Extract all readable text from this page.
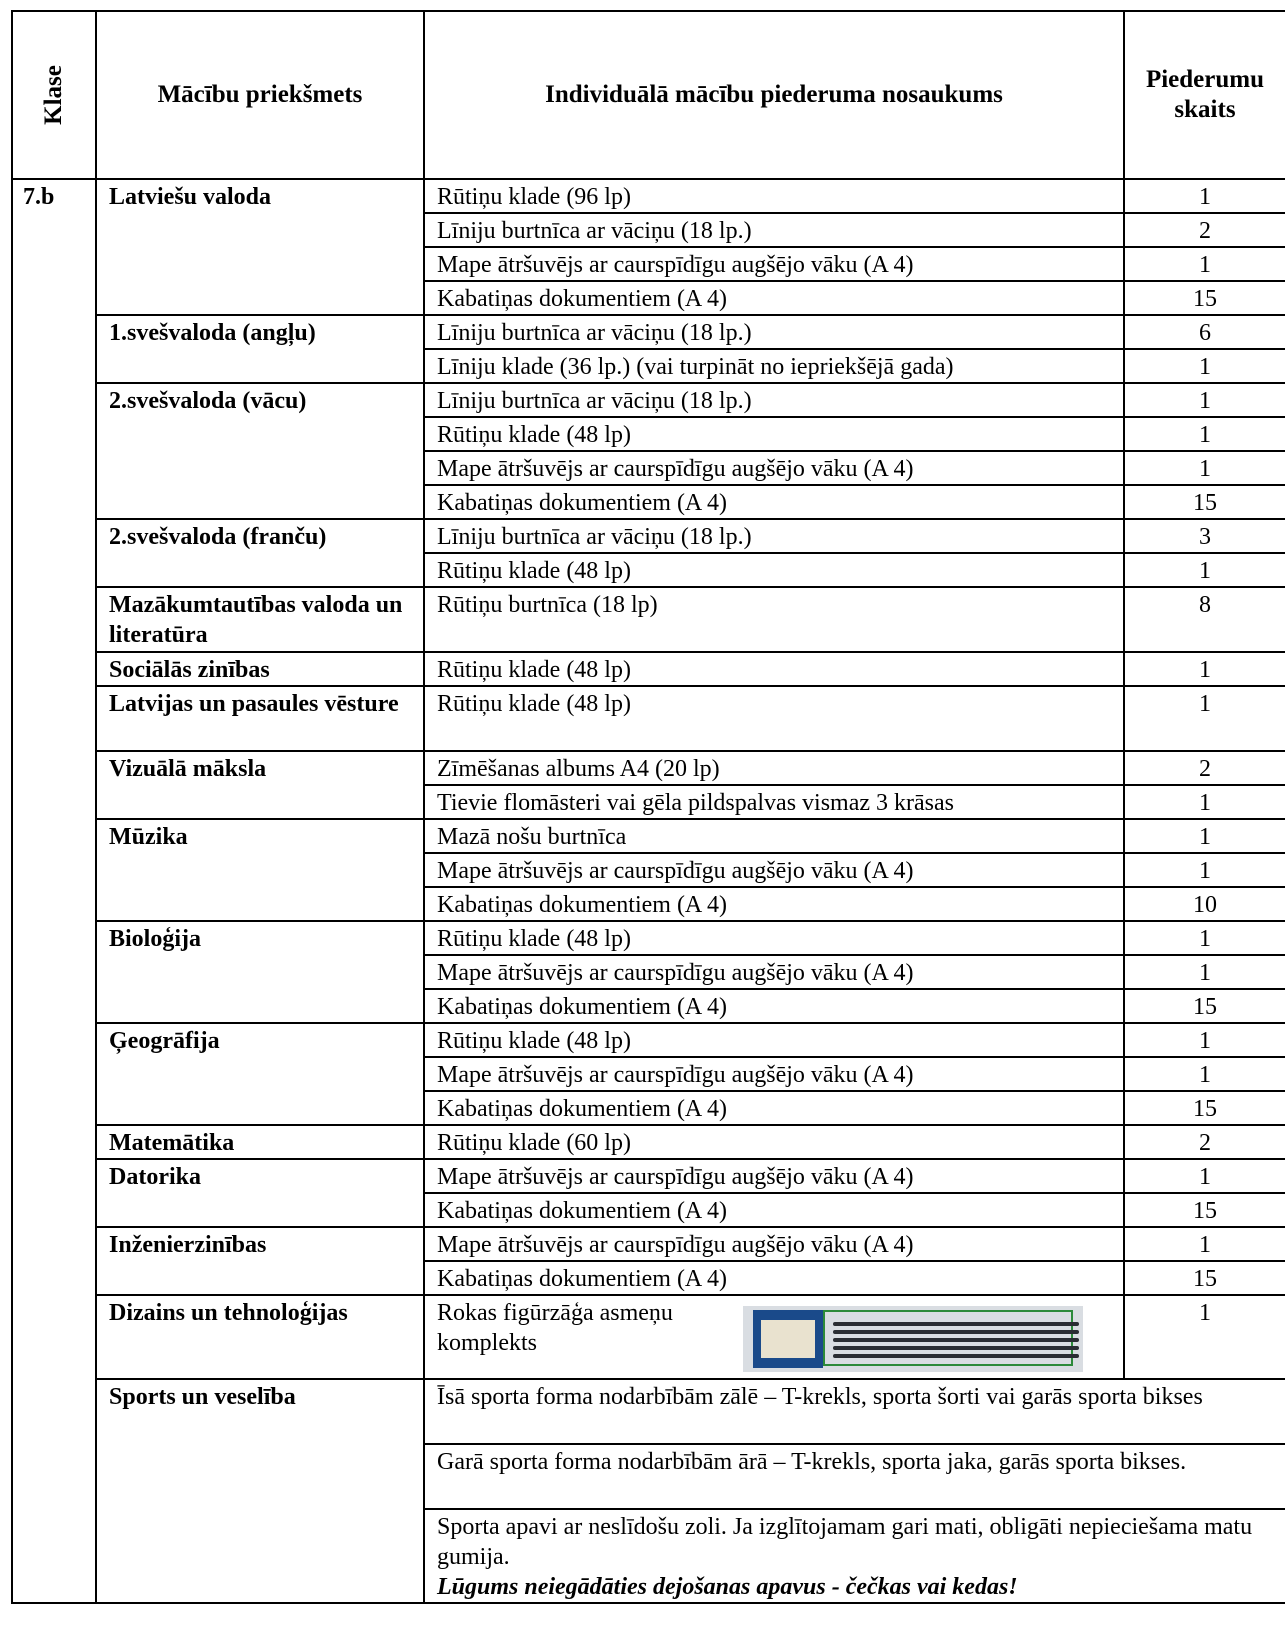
Klase	Mācību priekšmets	Individuālā mācību piederuma nosaukums	Piederumu
skaits
7.b	Latviešu valoda	Rūtiņu klade (96 lp)	1
		Līniju burtnīca ar vāciņu (18 lp.)	2
		Mape ātršuvējs ar caurspīdīgu augšējo vāku (A 4)	1
		Kabatiņas dokumentiem (A 4)	15
	1.svešvaloda (angļu)	Līniju burtnīca ar vāciņu (18 lp.)	6
		Līniju klade (36 lp.) (vai turpināt no iepriekšējā gada)	1
	2.svešvaloda (vācu)	Līniju burtnīca ar vāciņu (18 lp.)	1
		Rūtiņu klade (48 lp)	1
		Mape ātršuvējs ar caurspīdīgu augšējo vāku (A 4)	1
		Kabatiņas dokumentiem (A 4)	15
	2.svešvaloda (franču)	Līniju burtnīca ar vāciņu (18 lp.)	3
		Rūtiņu klade (48 lp)	1
	Mazākumtautības valoda un literatūra	Rūtiņu burtnīca (18 lp)	8
	Sociālās zinības	Rūtiņu klade (48 lp)	1
	Latvijas un pasaules vēsture	Rūtiņu klade (48 lp)	1
	Vizuālā māksla	Zīmēšanas albums A4 (20 lp)	2
		Tievie flomāsteri vai gēla pildspalvas vismaz 3 krāsas	1
	Mūzika	Mazā nošu burtnīca	1
		Mape ātršuvējs ar caurspīdīgu augšējo vāku (A 4)	1
		Kabatiņas dokumentiem (A 4)	10
	Bioloģija	Rūtiņu klade (48 lp)	1
		Mape ātršuvējs ar caurspīdīgu augšējo vāku (A 4)	1
		Kabatiņas dokumentiem (A 4)	15
	Ģeogrāfija	Rūtiņu klade (48 lp)	1
		Mape ātršuvējs ar caurspīdīgu augšējo vāku (A 4)	1
		Kabatiņas dokumentiem (A 4)	15
	Matemātika	Rūtiņu klade (60 lp)	2
	Datorika	Mape ātršuvējs ar caurspīdīgu augšējo vāku (A 4)	1
		Kabatiņas dokumentiem (A 4)	15
	Inženierzinības	Mape ātršuvējs ar caurspīdīgu augšējo vāku (A 4)	1
		Kabatiņas dokumentiem (A 4)	15
	Dizains un tehnoloģijas	Rokas figūrzāģa asmeņu komplekts	1
	Sports un veselība	Īsā sporta forma nodarbībām zālē – T-krekls, sporta šorti vai garās sporta bikses	
		Garā sporta forma nodarbībām ārā – T-krekls, sporta jaka, garās sporta bikses.	
		Sporta apavi ar neslīdošu zoli. Ja izglītojamam gari mati, obligāti nepieciešama matu gumija.
Lūgums neiegādāties dejošanas apavus - čečkas vai kedas!	
